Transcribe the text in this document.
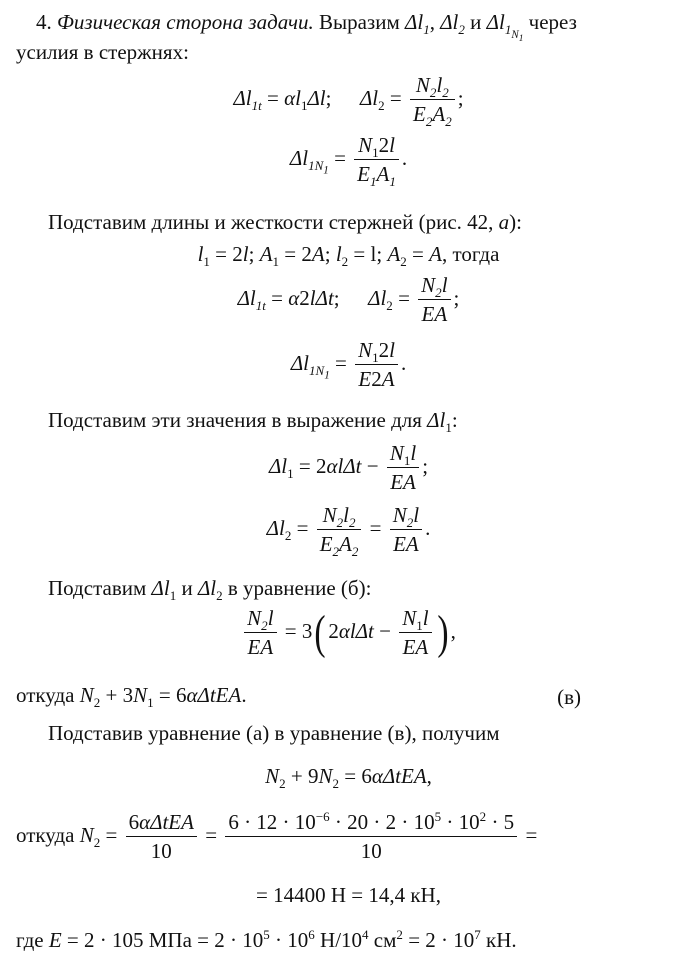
4. Физическая сторона задачи. Выразим $\Delta l_1$, $\Delta l_2$ и $\Delta l_{1_{N_1}}$ через
усилия в стержнях:
$\Delta l_{1t} = \alpha l_1\Delta l$;  $\Delta l_2 = \frac{N_2l_2}{E_2A_2}$ ;
$\Delta l_{1N_1} = \frac{N_12l}{E_1A_1}$ .
Подставим длины и жесткости стержней (рис. 42, а):
$l_1 = 2l$; $A_1 = 2A$; $l_2 = l$; $A_2 = A$, тогда
$\Delta l_{1t} = \alpha 2l\Delta t$;  $\Delta l_2 = \frac{N_2l}{EA}$ ;
$\Delta l_{1N_1} = \frac{N_12l}{E2A}$ .
Подставим эти значения в выражение для $\Delta l_1$:
$\Delta l_1 = 2\alpha l\Delta t - \frac{N_1l}{EA}$ ;
$\Delta l_2 = \frac{N_2l_2}{E_2A_2} = \frac{N_2l}{EA}$ .
Подставим $\Delta l_1$ и $\Delta l_2$ в уравнение (б):
$\frac{N_2l}{EA} = 3$( $2\alpha l\Delta t - \frac{N_1l}{EA}$ ) ,
откуда $N_2 + 3N_1 = 6\alpha\Delta tEA$.	(в)
Подставив уравнение (а) в уравнение (в), получим
$N_2 + 9N_2 = 6\alpha\Delta tEA$,
откуда $N_2 = \frac{\text{6αΔtEA}}{10} = \frac{6 \cdot 12 \cdot 10^{-6} \cdot 20 \cdot 2 \cdot 10^5 \cdot 10^2 \cdot 5}{10}$ =
= 14400 Н = 14,4 кН,
где E = 2 · 105 МПа = $2 \cdot 10^5 \cdot 10^6$ $Н/10^4$ $см^2 = 2 \cdot 10^7$ кН.
